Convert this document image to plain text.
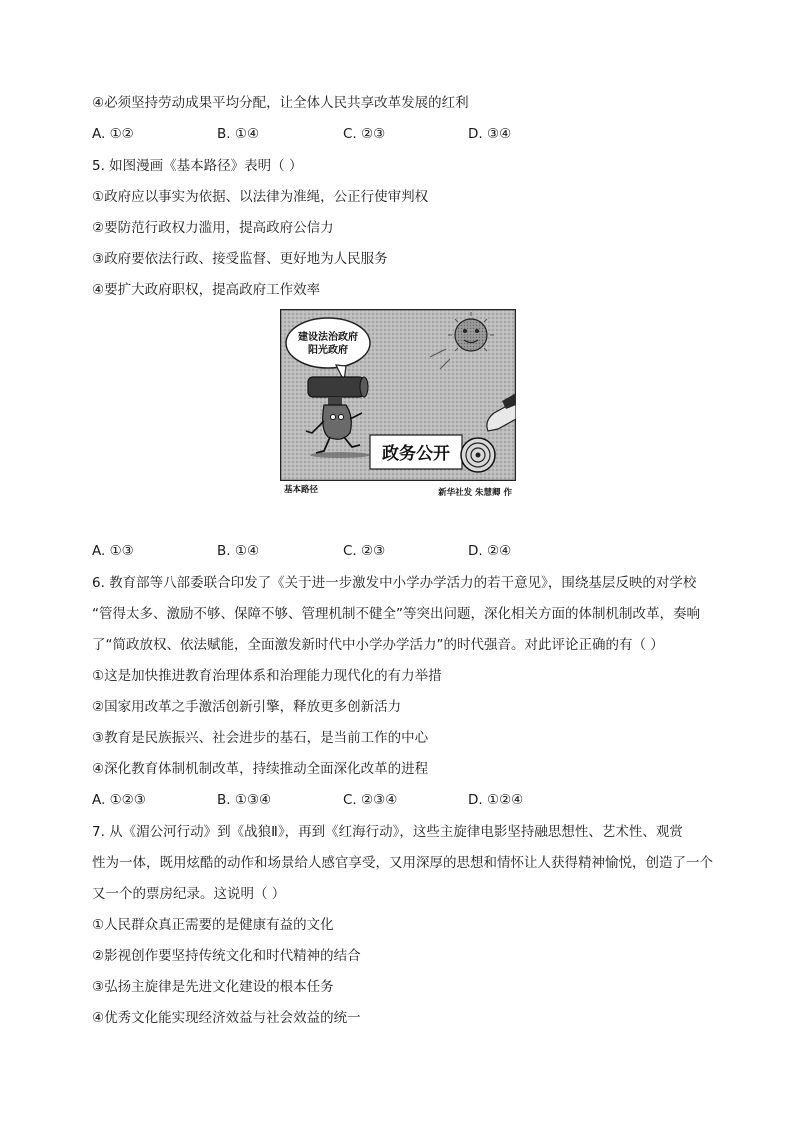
④必须坚持劳动成果平均分配，让全体人民共享改革发展的红利
A. ①②	B. ①④	C. ②③	D. ③④
5. 如图漫画《基本路径》表明（ ）
①政府应以事实为依据、以法律为准绳，公正行使审判权
②要防范行政权力滥用，提高政府公信力
③政府要依法行政、接受监督、更好地为人民服务
④要扩大政府职权，提高政府工作效率
建设法治政府
阳光政府
政务公开
基本路径	新华社发 朱慧卿 作
A. ①③	B. ①④	C. ②③	D. ②④
6. 教育部等八部委联合印发了《关于进一步激发中小学办学活力的若干意见》，围绕基层反映的对学校
“管得太多、激励不够、保障不够、管理机制不健全”等突出问题，深化相关方面的体制机制改革，奏响
了“简政放权、依法赋能，全面激发新时代中小学办学活力”的时代强音。对此评论正确的有（ ）
①这是加快推进教育治理体系和治理能力现代化的有力举措
②国家用改革之手激活创新引擎，释放更多创新活力
③教育是民族振兴、社会进步的基石，是当前工作的中心
④深化教育体制机制改革，持续推动全面深化改革的进程
A. ①②③	B. ①③④	C. ②③④	D. ①②④
7. 从《湄公河行动》到《战狼Ⅱ》，再到《红海行动》，这些主旋律电影坚持融思想性、艺术性、观赏
性为一体，既用炫酷的动作和场景给人感官享受，又用深厚的思想和情怀让人获得精神愉悦，创造了一个
又一个的票房纪录。这说明（ ）
①人民群众真正需要的是健康有益的文化
②影视创作要坚持传统文化和时代精神的结合
③弘扬主旋律是先进文化建设的根本任务
④优秀文化能实现经济效益与社会效益的统一
